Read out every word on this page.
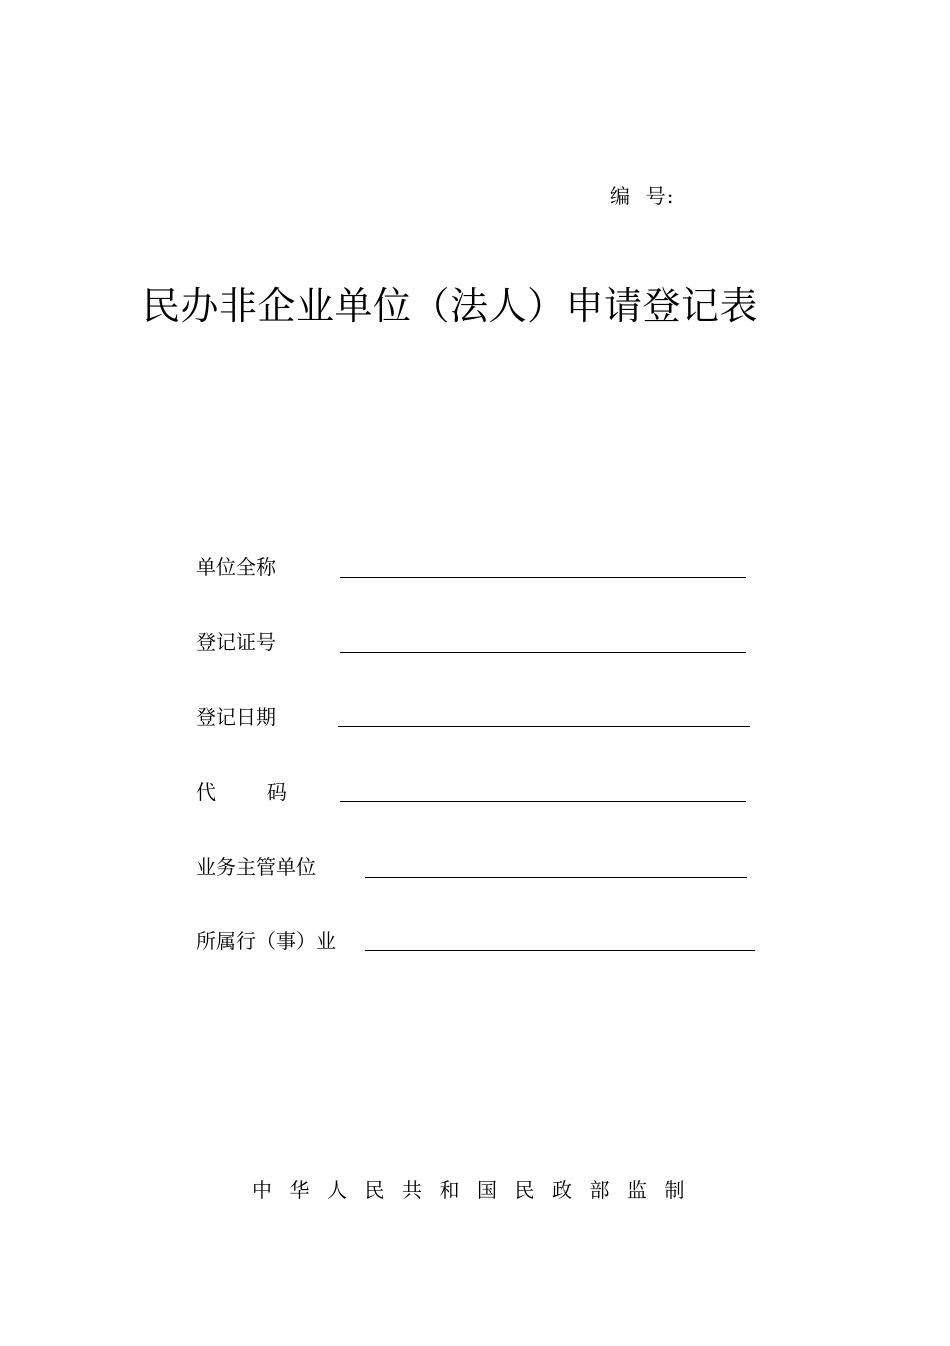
编  号:
民办非企业单位（法人）申请登记表
单位全称
登记证号
登记日期
代        码
业务主管单位
所属行（事）业
中华人民共和国民政部监制
